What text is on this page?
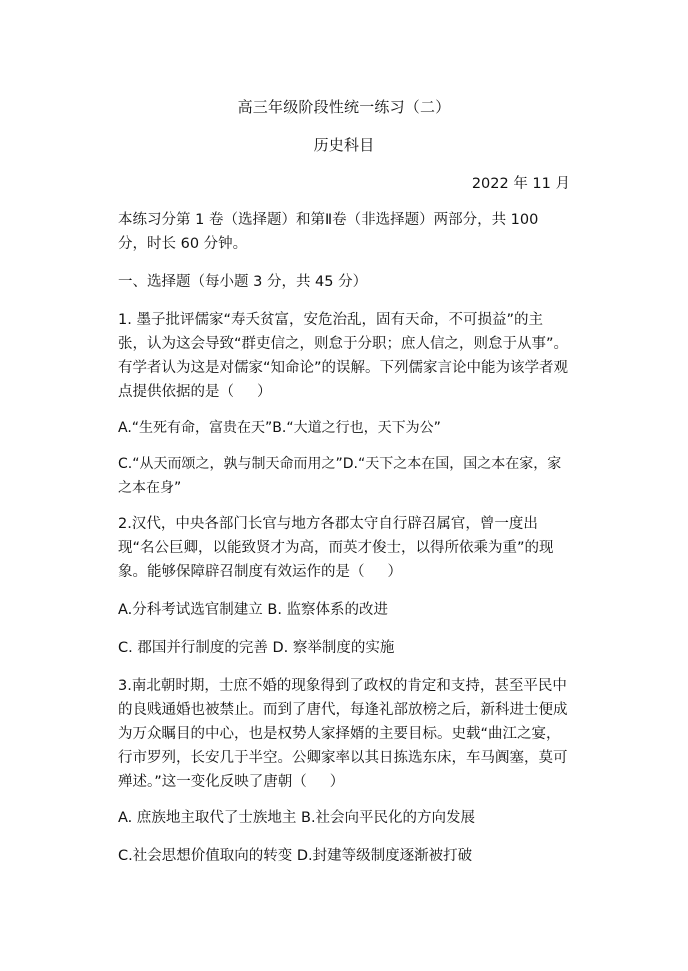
高三年级阶段性统一练习（二）
历史科目
2022 年 11 月

本练习分第 1 卷（选择题）和第Ⅱ卷（非选择题）两部分，共 100 分，时长 60 分钟。

一、选择题（每小题 3 分，共 45 分）

1. 墨子批评儒家“寿夭贫富，安危治乱，固有天命，不可损益”的主张，认为这会导致“群吏信之，则怠于分职；庶人信之，则怠于从事”。有学者认为这是对儒家“知命论”的误解。下列儒家言论中能为该学者观点提供依据的是（     ）

A.“生死有命，富贵在天”B.“大道之行也，天下为公”

C.“从天而颂之，孰与制天命而用之”D.“天下之本在国，国之本在家，家之本在身”

2.汉代，中央各部门长官与地方各郡太守自行辟召属官，曾一度出现“名公巨卿，以能致贤才为高，而英才俊士，以得所依乘为重”的现象。能够保障辟召制度有效运作的是（     ）

A.分科考试选官制建立 B. 监察体系的改进

C. 郡国并行制度的完善 D. 察举制度的实施

3.南北朝时期，士庶不婚的现象得到了政权的肯定和支持，甚至平民中的良贱通婚也被禁止。而到了唐代，每逢礼部放榜之后，新科进士便成为万众瞩目的中心，也是权势人家择婿的主要目标。史载“曲江之宴，行市罗列，长安几于半空。公卿家率以其日拣选东床，车马阗塞，莫可殚述。”这一变化反映了唐朝（     ）

A. 庶族地主取代了士族地主 B.社会向平民化的方向发展

C.社会思想价值取向的转变 D.封建等级制度逐渐被打破
